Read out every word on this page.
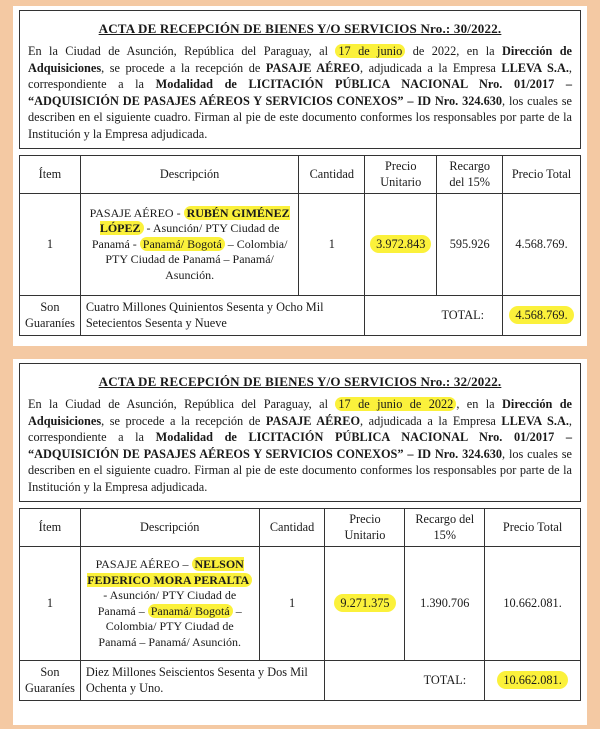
ACTA DE RECEPCIÓN DE BIENES Y/O SERVICIOS Nro.: 30/2022.

En la Ciudad de Asunción, República del Paraguay, al 17 de junio de 2022, en la Dirección de Adquisiciones, se procede a la recepción de PASAJE AÉREO, adjudicada a la Empresa LLEVA S.A., correspondiente a la Modalidad de LICITACIÓN PÚBLICA NACIONAL Nro. 01/2017 – “ADQUISICIÓN DE PASAJES AÉREOS Y SERVICIOS CONEXOS” – ID Nro. 324.630, los cuales se describen en el siguiente cuadro. Firman al pie de este documento conformes los responsables por parte de la Institución y la Empresa adjudicada.

Ítem	Descripción	Cantidad	Precio Unitario	Recargo del 15%	Precio Total
1	PASAJE AÉREO - RUBÉN GIMÉNEZ LÓPEZ - Asunción/ PTY Ciudad de Panamá - Panamá/ Bogotá – Colombia/ PTY Ciudad de Panamá – Panamá/ Asunción.	1	3.972.843	595.926	4.568.769.
Son Guaraníes	Cuatro Millones Quinientos Sesenta y Ocho Mil Setecientos Sesenta y Nueve		TOTAL:		4.568.769.
ACTA DE RECEPCIÓN DE BIENES Y/O SERVICIOS Nro.: 32/2022.

En la Ciudad de Asunción, República del Paraguay, al 17 de junio de 2022 , en la Dirección de Adquisiciones, se procede a la recepción de PASAJE AÉREO, adjudicada a la Empresa LLEVA S.A., correspondiente a la Modalidad de LICITACIÓN PÚBLICA NACIONAL Nro. 01/2017 – “ADQUISICIÓN DE PASAJES AÉREOS Y SERVICIOS CONEXOS” – ID Nro. 324.630, los cuales se describen en el siguiente cuadro. Firman al pie de este documento conformes los responsables por parte de la Institución y la Empresa adjudicada.

Ítem	Descripción	Cantidad	Precio Unitario	Recargo del 15%	Precio Total
1	PASAJE AÉREO – NELSON FEDERICO MORA PERALTA - Asunción/ PTY Ciudad de Panamá – Panamá/ Bogotá – Colombia/ PTY Ciudad de Panamá – Panamá/ Asunción.	1	9.271.375	1.390.706	10.662.081.
Son Guaraníes	Diez Millones Seiscientos Sesenta y Dos Mil Ochenta y Uno.		TOTAL:		10.662.081.
